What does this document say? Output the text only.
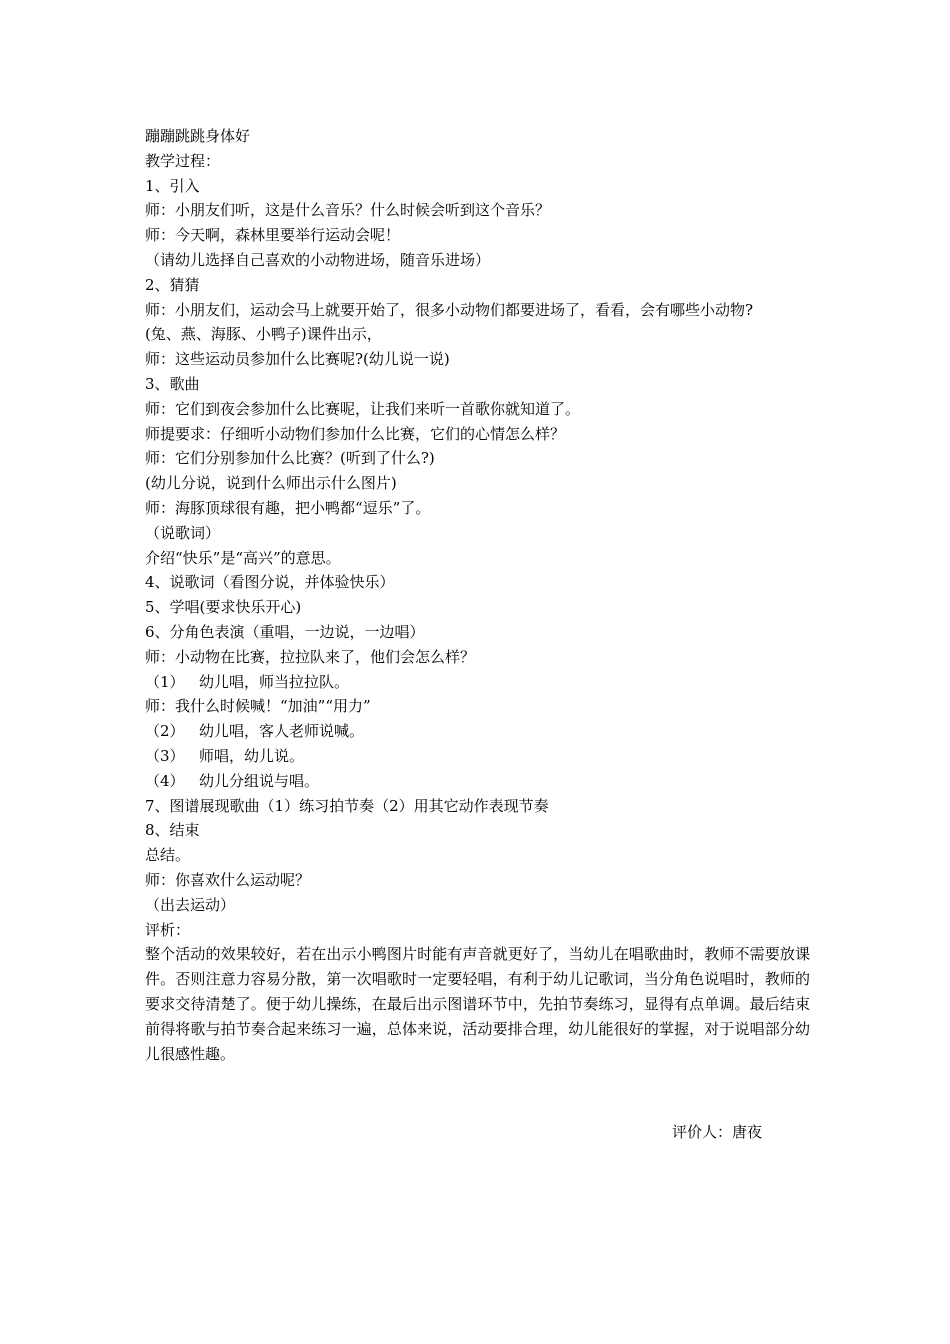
蹦蹦跳跳身体好
教学过程：
1、引入
师：小朋友们听，这是什么音乐？什么时候会听到这个音乐？
师：今天啊，森林里要举行运动会呢！
（请幼儿选择自己喜欢的小动物进场，随音乐进场）
2、猜猜
师：小朋友们，运动会马上就要开始了，很多小动物们都要进场了，看看，会有哪些小动物?
(兔、燕、海豚、小鸭子)课件出示，
师：这些运动员参加什么比赛呢?(幼儿说一说)
3、歌曲
师：它们到夜会参加什么比赛呢，让我们来听一首歌你就知道了。
师提要求：仔细听小动物们参加什么比赛，它们的心情怎么样？
师：它们分别参加什么比赛？(听到了什么?)
(幼儿分说，说到什么师出示什么图片)
师：海豚顶球很有趣，把小鸭都“逗乐”了。
（说歌词）
介绍“快乐”是“高兴”的意思。
4、说歌词（看图分说，并体验快乐）
5、学唱(要求快乐开心)
6、分角色表演（重唱，一边说，一边唱）
师：小动物在比赛，拉拉队来了，他们会怎么样？
（1） 幼儿唱，师当拉拉队。
师：我什么时候喊！“加油”“用力”
（2） 幼儿唱，客人老师说喊。
（3） 师唱，幼儿说。
（4） 幼儿分组说与唱。
7、图谱展现歌曲（1）练习拍节奏（2）用其它动作表现节奏
8、结束
总结。
师：你喜欢什么运动呢？
（出去运动）
评析：
整个活动的效果较好，若在出示小鸭图片时能有声音就更好了，当幼儿在唱歌曲时，教师不需要放课件。否则注意力容易分散，第一次唱歌时一定要轻唱，有利于幼儿记歌词，当分角色说唱时，教师的要求交待清楚了。便于幼儿操练，在最后出示图谱环节中，先拍节奏练习，显得有点单调。最后结束前得将歌与拍节奏合起来练习一遍，总体来说，活动要排合理，幼儿能很好的掌握，对于说唱部分幼儿很感性趣。
评价人：唐夜
